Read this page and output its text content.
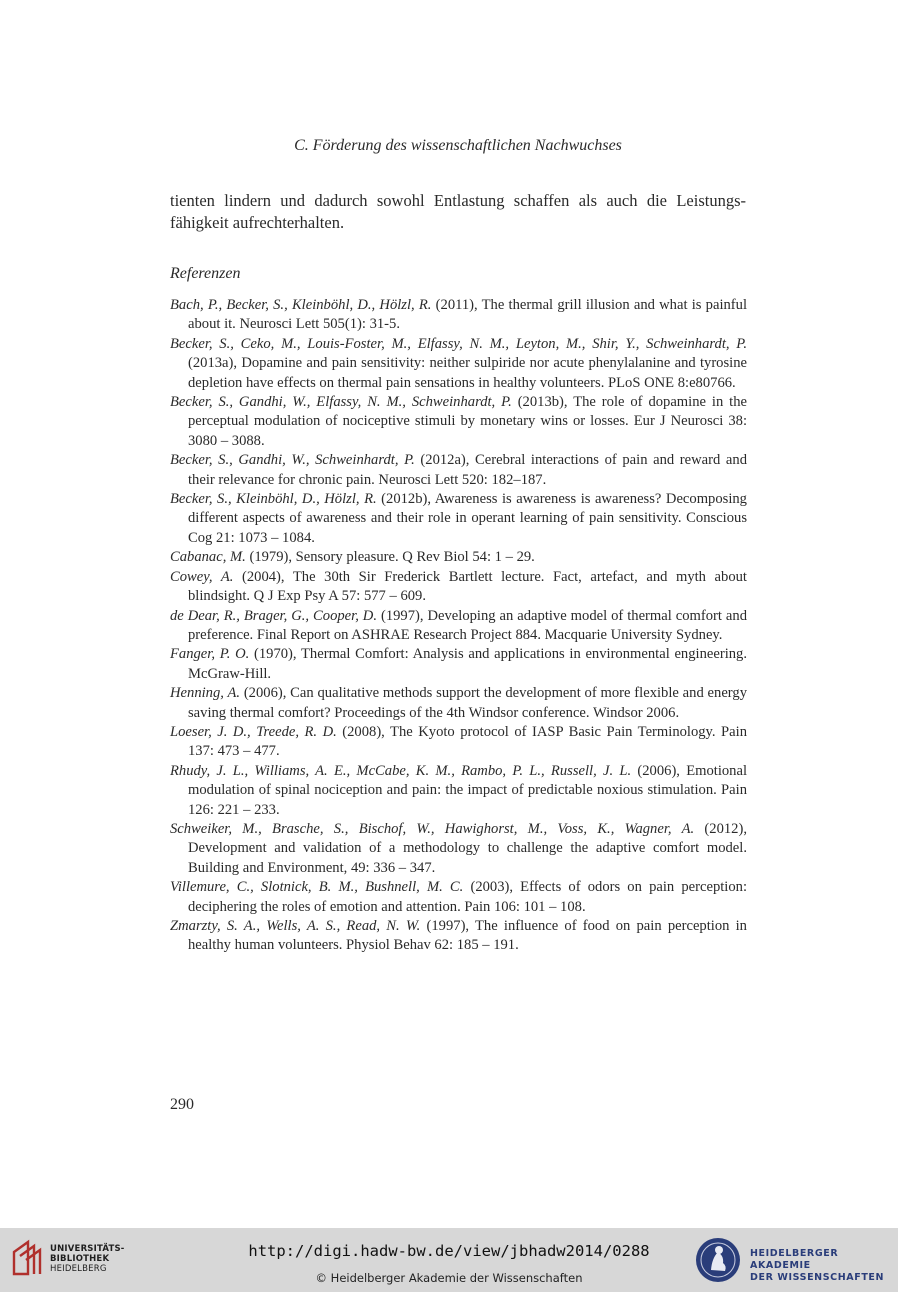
C. Förderung des wissenschaftlichen Nachwuchses
tienten lindern und dadurch sowohl Entlastung schaffen als auch die Leistungs-fähigkeit aufrechterhalten.
Referenzen
Bach, P., Becker, S., Kleinböhl, D., Hölzl, R. (2011), The thermal grill illusion and what is painful about it. Neurosci Lett 505(1): 31-5.
Becker, S., Ceko, M., Louis-Foster, M., Elfassy, N. M., Leyton, M., Shir, Y., Schweinhardt, P. (2013a), Dopamine and pain sensitivity: neither sulpiride nor acute phenylalanine and tyrosine depletion have effects on thermal pain sensations in healthy volunteers. PLoS ONE 8:e80766.
Becker, S., Gandhi, W., Elfassy, N. M., Schweinhardt, P. (2013b), The role of dopamine in the perceptual modulation of nociceptive stimuli by monetary wins or losses. Eur J Neurosci 38: 3080 – 3088.
Becker, S., Gandhi, W., Schweinhardt, P. (2012a), Cerebral interactions of pain and reward and their relevance for chronic pain. Neurosci Lett 520: 182–187.
Becker, S., Kleinböhl, D., Hölzl, R. (2012b), Awareness is awareness is awareness? Decomposing different aspects of awareness and their role in operant learning of pain sensitivity. Conscious Cog 21: 1073 – 1084.
Cabanac, M. (1979), Sensory pleasure. Q Rev Biol 54: 1 – 29.
Cowey, A. (2004), The 30th Sir Frederick Bartlett lecture. Fact, artefact, and myth about blindsight. Q J Exp Psy A 57: 577 – 609.
de Dear, R., Brager, G., Cooper, D. (1997), Developing an adaptive model of thermal comfort and preference. Final Report on ASHRAE Research Project 884. Macquarie University Sydney.
Fanger, P. O. (1970), Thermal Comfort: Analysis and applications in environmental engineering. McGraw-Hill.
Henning, A. (2006), Can qualitative methods support the development of more flexible and energy saving thermal comfort? Proceedings of the 4th Windsor conference. Windsor 2006.
Loeser, J. D., Treede, R. D. (2008), The Kyoto protocol of IASP Basic Pain Terminology. Pain 137: 473 – 477.
Rhudy, J. L., Williams, A. E., McCabe, K. M., Rambo, P. L., Russell, J. L. (2006), Emotional modulation of spinal nociception and pain: the impact of predictable noxious stimulation. Pain 126: 221 – 233.
Schweiker, M., Brasche, S., Bischof, W., Hawighorst, M., Voss, K., Wagner, A. (2012), Development and validation of a methodology to challenge the adaptive comfort model. Building and Environment, 49: 336 – 347.
Villemure, C., Slotnick, B. M., Bushnell, M. C. (2003), Effects of odors on pain perception: deciphering the roles of emotion and attention. Pain 106: 101 – 108.
Zmarzty, S. A., Wells, A. S., Read, N. W. (1997), The influence of food on pain perception in healthy human volunteers. Physiol Behav 62: 185 – 191.
290
UNIVERSITÄTS-
BIBLIOTHEK
HEIDELBERG
http://digi.hadw-bw.de/view/jbhadw2014/0288
© Heidelberger Akademie der Wissenschaften
HEIDELBERGER AKADEMIE
DER WISSENSCHAFTEN
